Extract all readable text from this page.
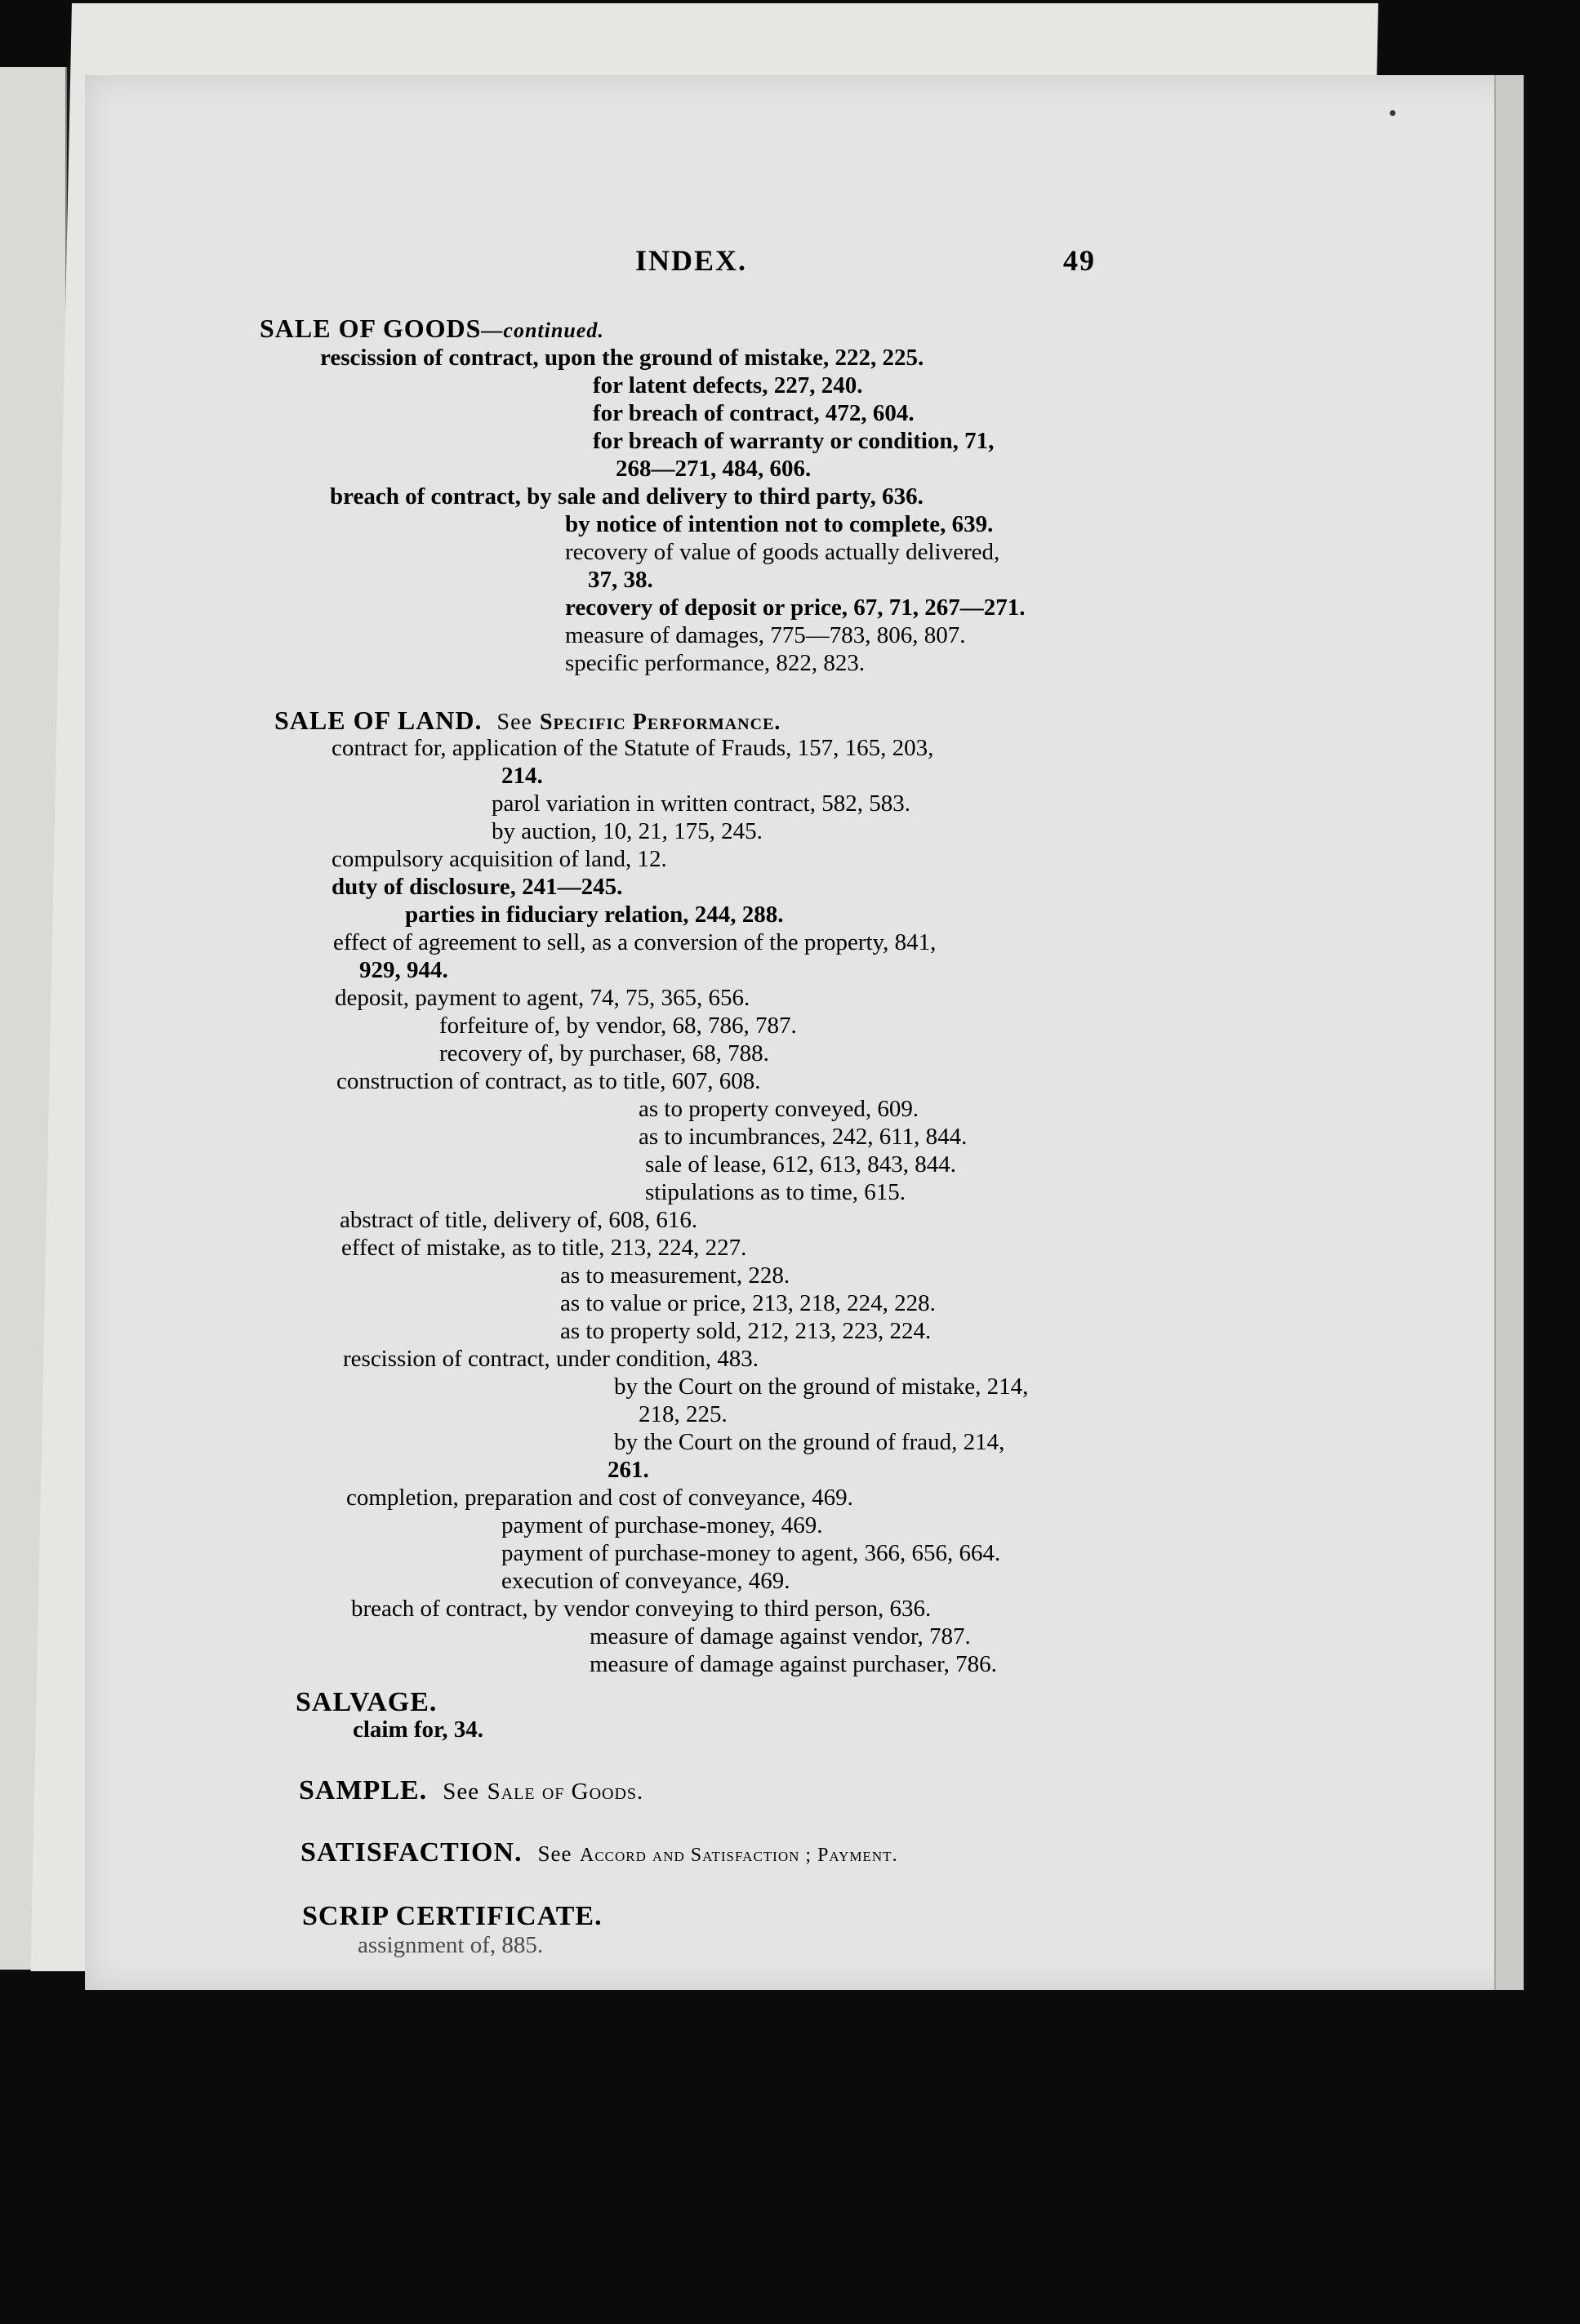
INDEX.	49
SALE OF GOODS—continued.
rescission of contract, upon the ground of mistake, 222, 225.
for latent defects, 227, 240.
for breach of contract, 472, 604.
for breach of warranty or condition, 71,
268—271, 484, 606.
breach of contract, by sale and delivery to third party, 636.
by notice of intention not to complete, 639.
recovery of value of goods actually delivered,
37, 38.
recovery of deposit or price, 67, 71, 267—271.
measure of damages, 775—783, 806, 807.
specific performance, 822, 823.
SALE OF LAND. See Specific Performance.
contract for, application of the Statute of Frauds, 157, 165, 203,
214.
parol variation in written contract, 582, 583.
by auction, 10, 21, 175, 245.
compulsory acquisition of land, 12.
duty of disclosure, 241—245.
parties in fiduciary relation, 244, 288.
effect of agreement to sell, as a conversion of the property, 841,
929, 944.
deposit, payment to agent, 74, 75, 365, 656.
forfeiture of, by vendor, 68, 786, 787.
recovery of, by purchaser, 68, 788.
construction of contract, as to title, 607, 608.
as to property conveyed, 609.
as to incumbrances, 242, 611, 844.
sale of lease, 612, 613, 843, 844.
stipulations as to time, 615.
abstract of title, delivery of, 608, 616.
effect of mistake, as to title, 213, 224, 227.
as to measurement, 228.
as to value or price, 213, 218, 224, 228.
as to property sold, 212, 213, 223, 224.
rescission of contract, under condition, 483.
by the Court on the ground of mistake, 214,
218, 225.
by the Court on the ground of fraud, 214,
261.
completion, preparation and cost of conveyance, 469.
payment of purchase-money, 469.
payment of purchase-money to agent, 366, 656, 664.
execution of conveyance, 469.
breach of contract, by vendor conveying to third person, 636.
measure of damage against vendor, 787.
measure of damage against purchaser, 786.
SALVAGE.
claim for, 34.
SAMPLE. See Sale of Goods.
SATISFACTION. See Accord and Satisfaction ; Payment.
SCRIP CERTIFICATE.
assignment of, 885.
